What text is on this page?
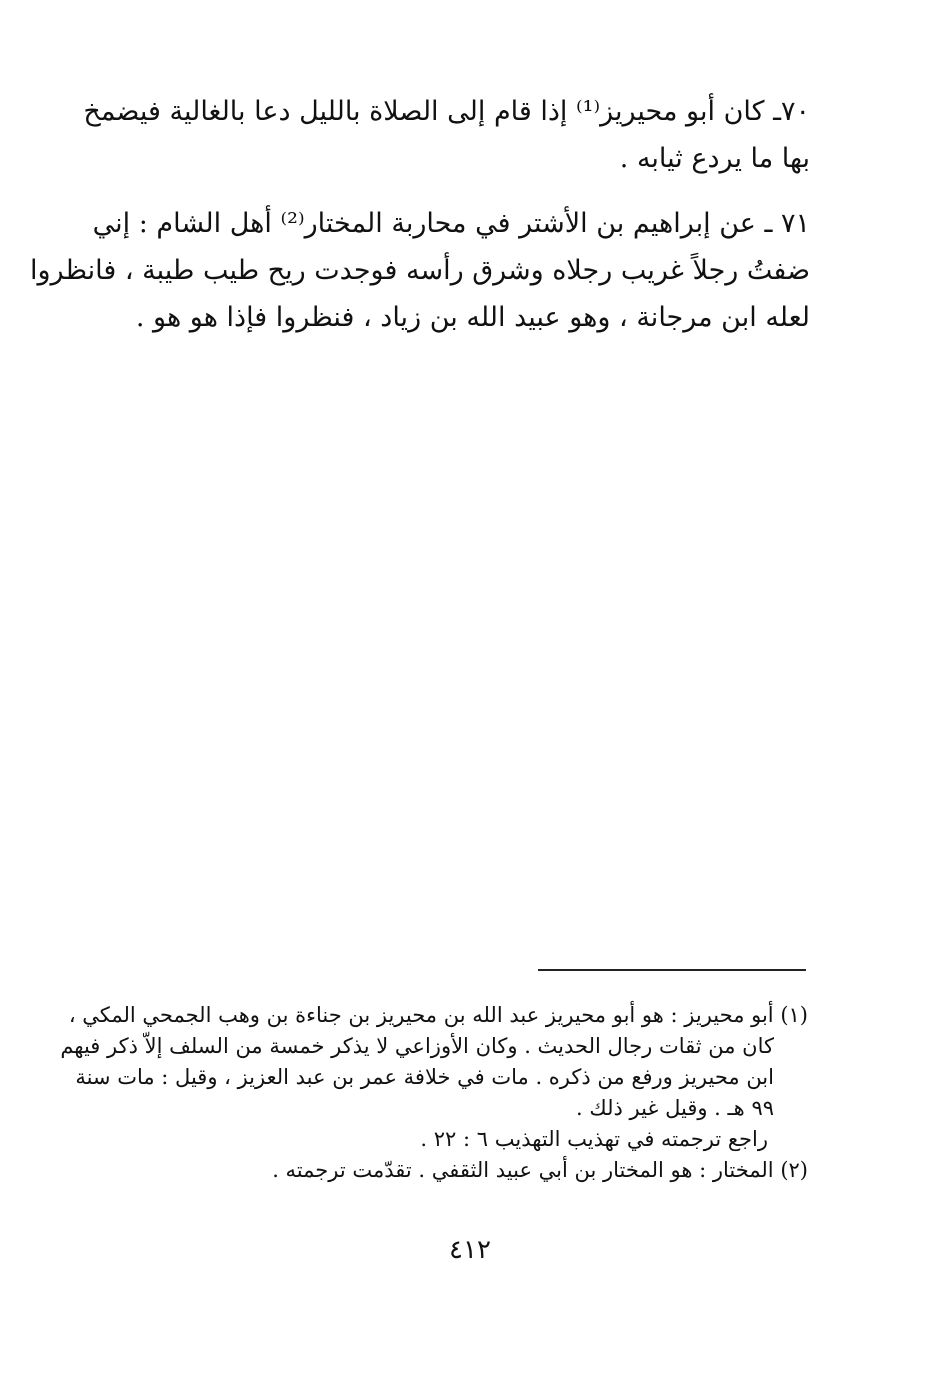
٧٠ـ كان أبو محيريز⁽¹⁾ إذا قام إلى الصلاة بالليل دعا بالغالية فيضمخ
بها ما يردع ثيابه .
٧١ ـ عن إبراهيم بن الأشتر في محاربة المختار⁽²⁾ أهل الشام : إني
ضفتُ رجلاً غريب رجلاه وشرق رأسه فوجدت ريح طيب طيبة ، فانظروا
لعله ابن مرجانة ، وهو عبيد الله بن زياد ، فنظروا فإذا هو هو .
(١) أبو محيريز : هو أبو محيريز عبد الله بن محيريز بن جناءة بن وهب الجمحي المكي ،
كان من ثقات رجال الحديث . وكان الأوزاعي لا يذكر خمسة من السلف إلاّ ذكر فيهم
ابن محيريز ورفع من ذكره . مات في خلافة عمر بن عبد العزيز ، وقيل : مات سنة
٩٩ هـ . وقيل غير ذلك .
راجع ترجمته في تهذيب التهذيب ٦ : ٢٢ .
(٢) المختار : هو المختار بن أبي عبيد الثقفي . تقدّمت ترجمته .
٤١٢
